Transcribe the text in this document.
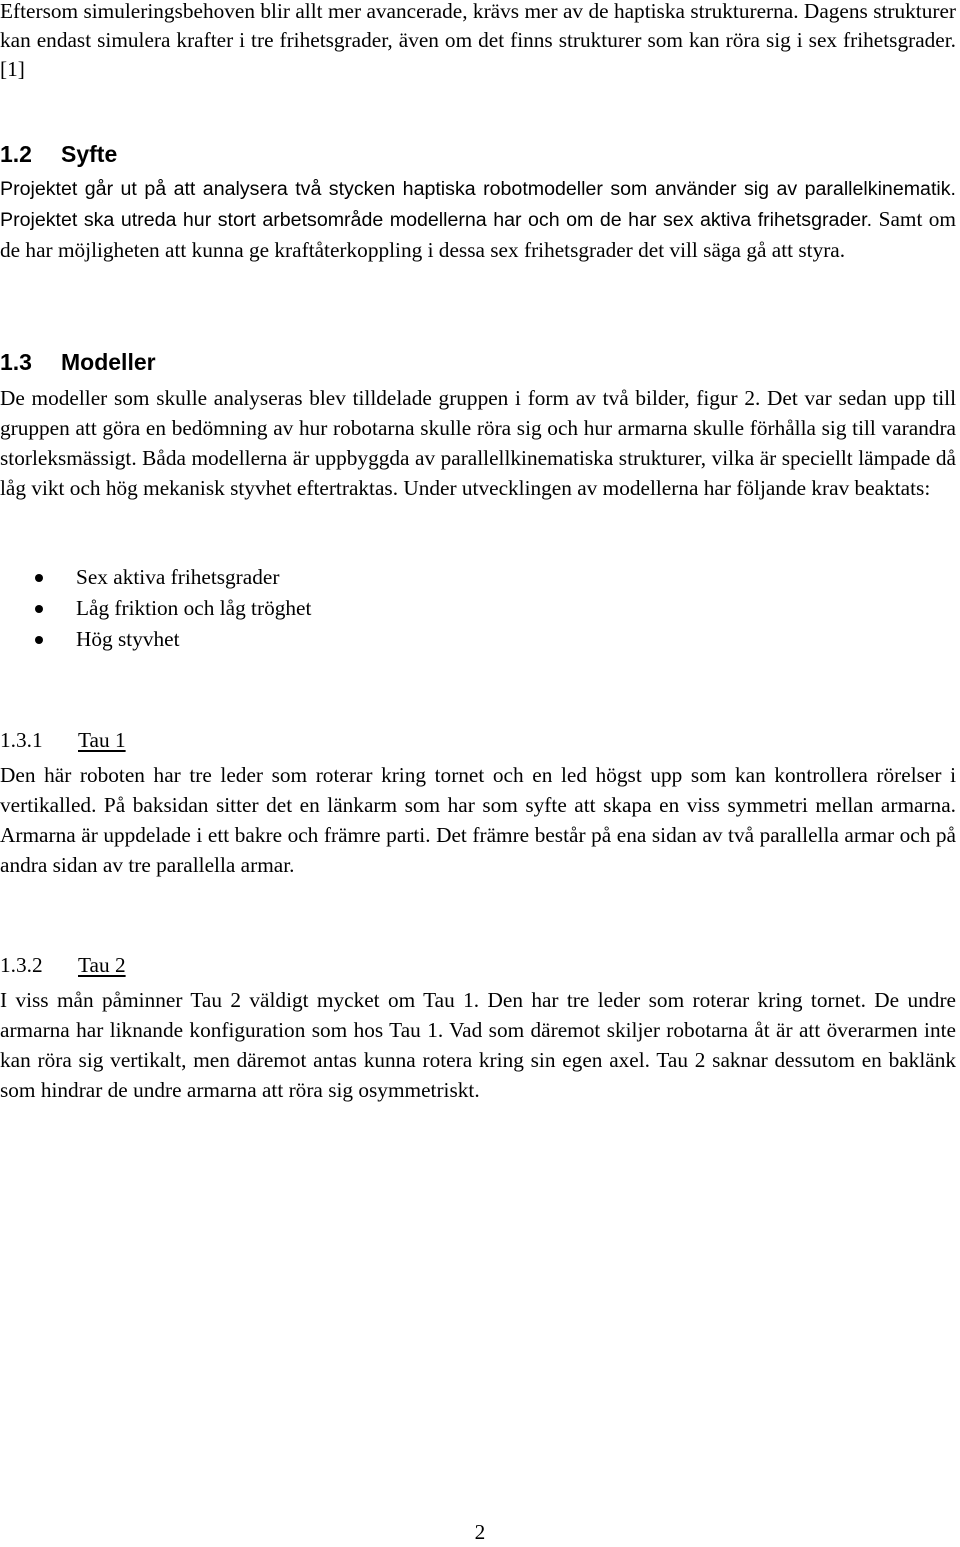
Eftersom simuleringsbehoven blir allt mer avancerade, krävs mer av de haptiska strukturerna. Dagens strukturer kan endast simulera krafter i tre frihetsgrader, även om det finns strukturer som kan röra sig i sex frihetsgrader. [1]

1.2 Syfte

Projektet går ut på att analysera två stycken haptiska robotmodeller som använder sig av parallelkinematik. Projektet ska utreda hur stort arbetsområde modellerna har och om de har sex aktiva frihetsgrader. Samt om de har möjligheten att kunna ge kraftåterkoppling i dessa sex frihetsgrader det vill säga gå att styra.

1.3 Modeller

De modeller som skulle analyseras blev tilldelade gruppen i form av två bilder, figur 2. Det var sedan upp till gruppen att göra en bedömning av hur robotarna skulle röra sig och hur armarna skulle förhålla sig till varandra storleksmässigt. Båda modellerna är uppbyggda av parallellkinematiska strukturer, vilka är speciellt lämpade då låg vikt och hög mekanisk styvhet eftertraktas. Under utvecklingen av modellerna har följande krav beaktats:

Sex aktiva frihetsgrader
Låg friktion och låg tröghet
Hög styvhet
1.3.1 Tau 1

Den här roboten har tre leder som roterar kring tornet och en led högst upp som kan kontrollera rörelser i vertikalled. På baksidan sitter det en länkarm som har som syfte att skapa en viss symmetri mellan armarna. Armarna är uppdelade i ett bakre och främre parti. Det främre består på ena sidan av två parallella armar och på andra sidan av tre parallella armar.

1.3.2 Tau 2

I viss mån påminner Tau 2 väldigt mycket om Tau 1. Den har tre leder som roterar kring tornet. De undre armarna har liknande konfiguration som hos Tau 1. Vad som däremot skiljer robotarna åt är att överarmen inte kan röra sig vertikalt, men däremot antas kunna rotera kring sin egen axel. Tau 2 saknar dessutom en baklänk som hindrar de undre armarna att röra sig osymmetriskt.

2
